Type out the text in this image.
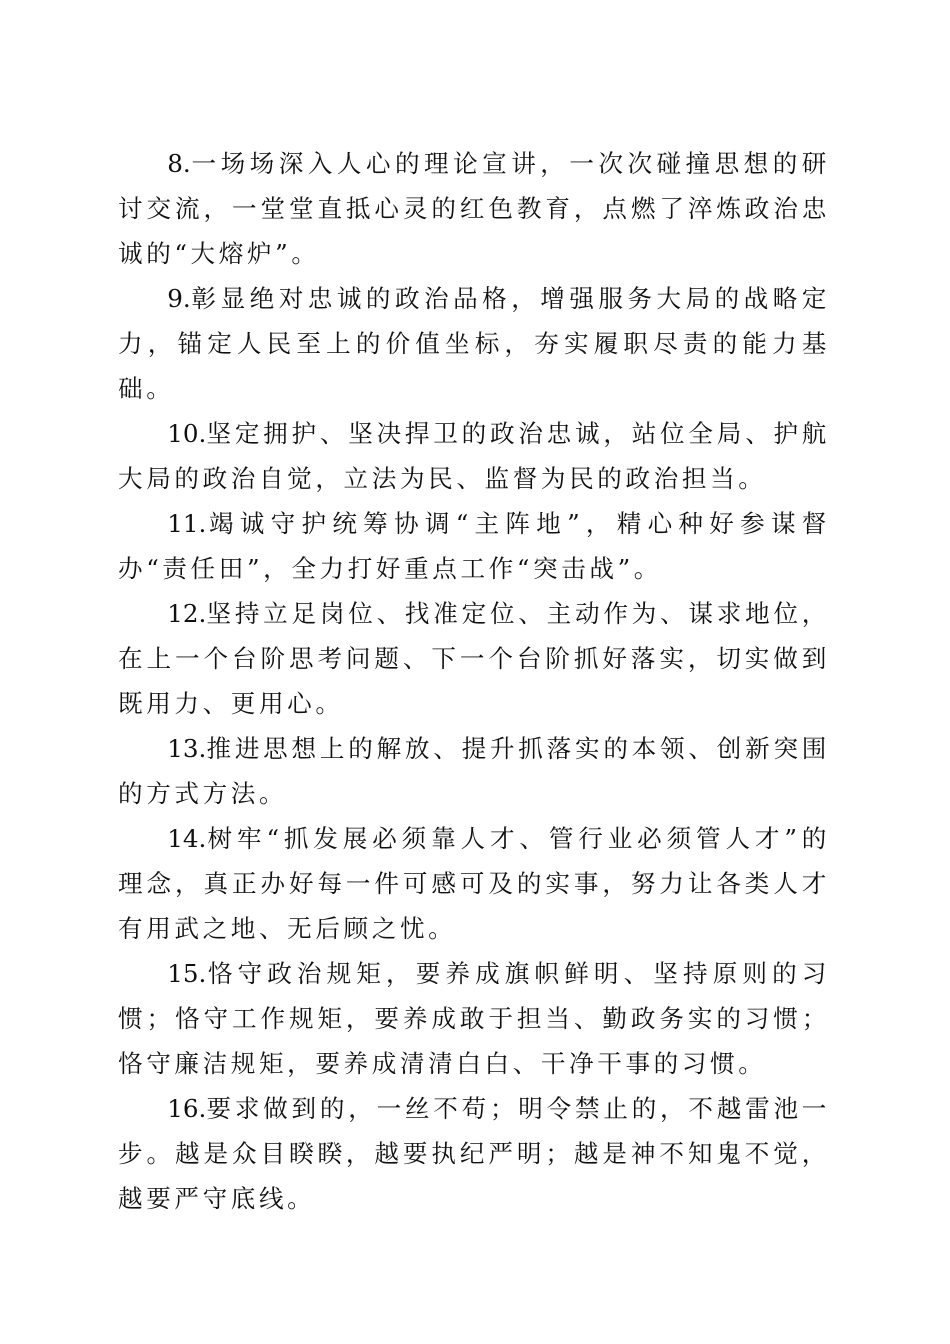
8.一场场深入人心的理论宣讲，一次次碰撞思想的研讨交流，一堂堂直抵心灵的红色教育，点燃了淬炼政治忠诚的“大熔炉”。

9.彰显绝对忠诚的政治品格，增强服务大局的战略定力，锚定人民至上的价值坐标，夯实履职尽责的能力基础。

10.坚定拥护、坚决捍卫的政治忠诚，站位全局、护航大局的政治自觉，立法为民、监督为民的政治担当。

11.竭诚守护统筹协调“主阵地”，精心种好参谋督办“责任田”，全力打好重点工作“突击战”。

12.坚持立足岗位、找准定位、主动作为、谋求地位，在上一个台阶思考问题、下一个台阶抓好落实，切实做到既用力、更用心。

13.推进思想上的解放、提升抓落实的本领、创新突围的方式方法。

14.树牢“抓发展必须靠人才、管行业必须管人才”的理念，真正办好每一件可感可及的实事，努力让各类人才有用武之地、无后顾之忧。

15.恪守政治规矩，要养成旗帜鲜明、坚持原则的习惯；恪守工作规矩，要养成敢于担当、勤政务实的习惯；恪守廉洁规矩，要养成清清白白、干净干事的习惯。

16.要求做到的，一丝不苟；明令禁止的，不越雷池一步。越是众目睽睽，越要执纪严明；越是神不知鬼不觉，越要严守底线。
